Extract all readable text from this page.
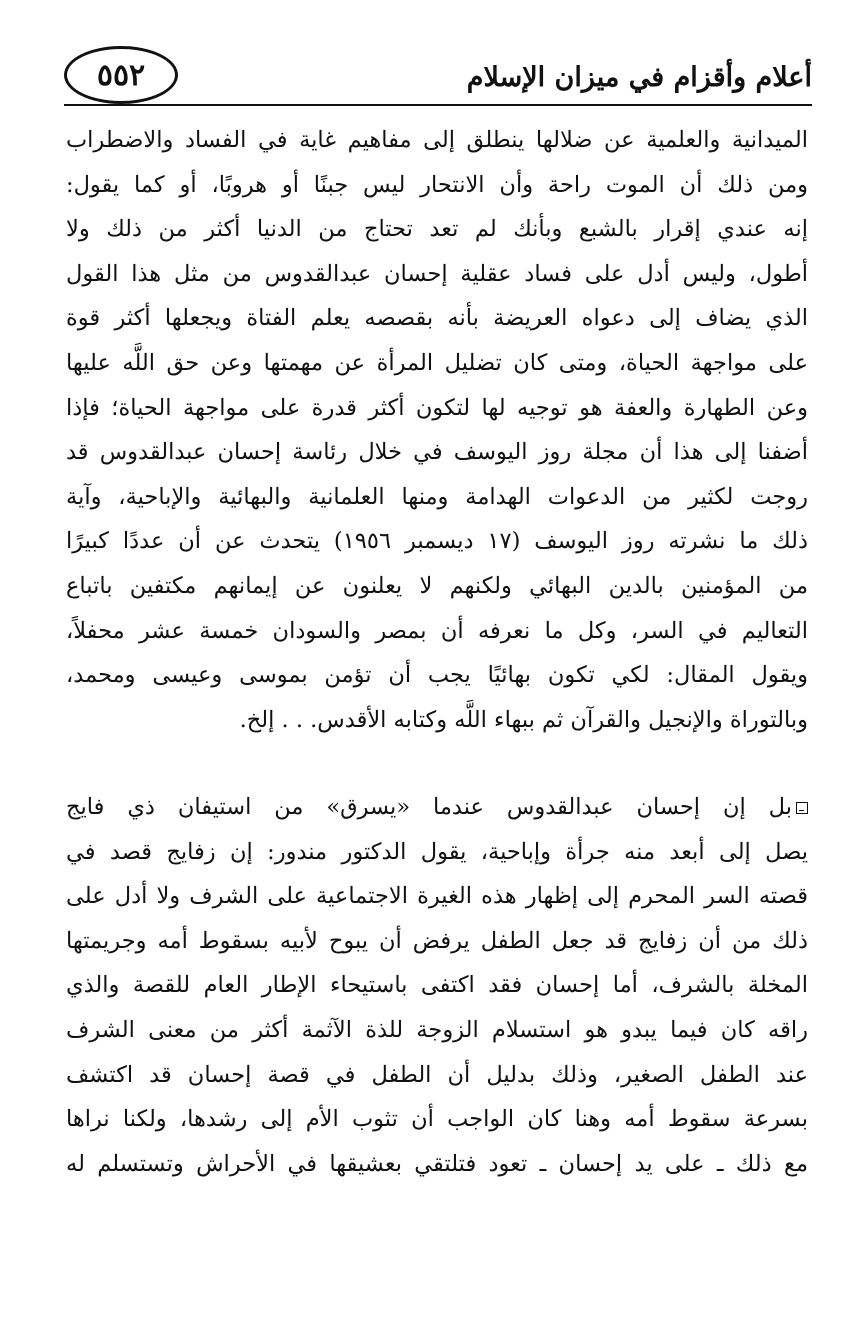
أعلام وأقزام في ميزان الإسلام
٥٥٢
الميدانية والعلمية عن ضلالها ينطلق إلى مفاهيم غاية في الفساد والاضطراب
ومن ذلك أن الموت راحة وأن الانتحار ليس جبنًا أو هروبًا، أو كما يقول:
إنه عندي إقرار بالشبع وبأنك لم تعد تحتاج من الدنيا أكثر من ذلك ولا
أطول، وليس أدل على فساد عقلية إحسان عبدالقدوس من مثل هذا القول
الذي يضاف إلى دعواه العريضة بأنه بقصصه يعلم الفتاة ويجعلها أكثر قوة
على مواجهة الحياة، ومتى كان تضليل المرأة عن مهمتها وعن حق اللَّه عليها
وعن الطهارة والعفة هو توجيه لها لتكون أكثر قدرة على مواجهة الحياة؛ فإذا
أضفنا إلى هذا أن مجلة روز اليوسف في خلال رئاسة إحسان عبدالقدوس قد
روجت لكثير من الدعوات الهدامة ومنها العلمانية والبهائية والإباحية، وآية
ذلك ما نشرته روز اليوسف (١٧ ديسمبر ١٩٥٦) يتحدث عن أن عددًا كبيرًا
من المؤمنين بالدين البهائي ولكنهم لا يعلنون عن إيمانهم مكتفين باتباع
التعاليم في السر، وكل ما نعرفه أن بمصر والسودان خمسة عشر محفلاً،
ويقول المقال: لكي تكون بهائيًا يجب أن تؤمن بموسى وعيسى ومحمد،
وبالتوراة والإنجيل والقرآن ثم ببهاء اللَّه وكتابه الأقدس. . . إلخ.
بل إن إحسان عبدالقدوس عندما «يسرق» من استيفان ذي فايج
يصل إلى أبعد منه جرأة وإباحية، يقول الدكتور مندور: إن زفايج قصد في
قصته السر المحرم إلى إظهار هذه الغيرة الاجتماعية على الشرف ولا أدل على
ذلك من أن زفايج قد جعل الطفل يرفض أن يبوح لأبيه بسقوط أمه وجريمتها
المخلة بالشرف، أما إحسان فقد اكتفى باستيحاء الإطار العام للقصة والذي
راقه كان فيما يبدو هو استسلام الزوجة للذة الآثمة أكثر من معنى الشرف
عند الطفل الصغير، وذلك بدليل أن الطفل في قصة إحسان قد اكتشف
بسرعة سقوط أمه وهنا كان الواجب أن تثوب الأم إلى رشدها، ولكنا نراها
مع ذلك ـ على يد إحسان ـ تعود فتلتقي بعشيقها في الأحراش وتستسلم له
